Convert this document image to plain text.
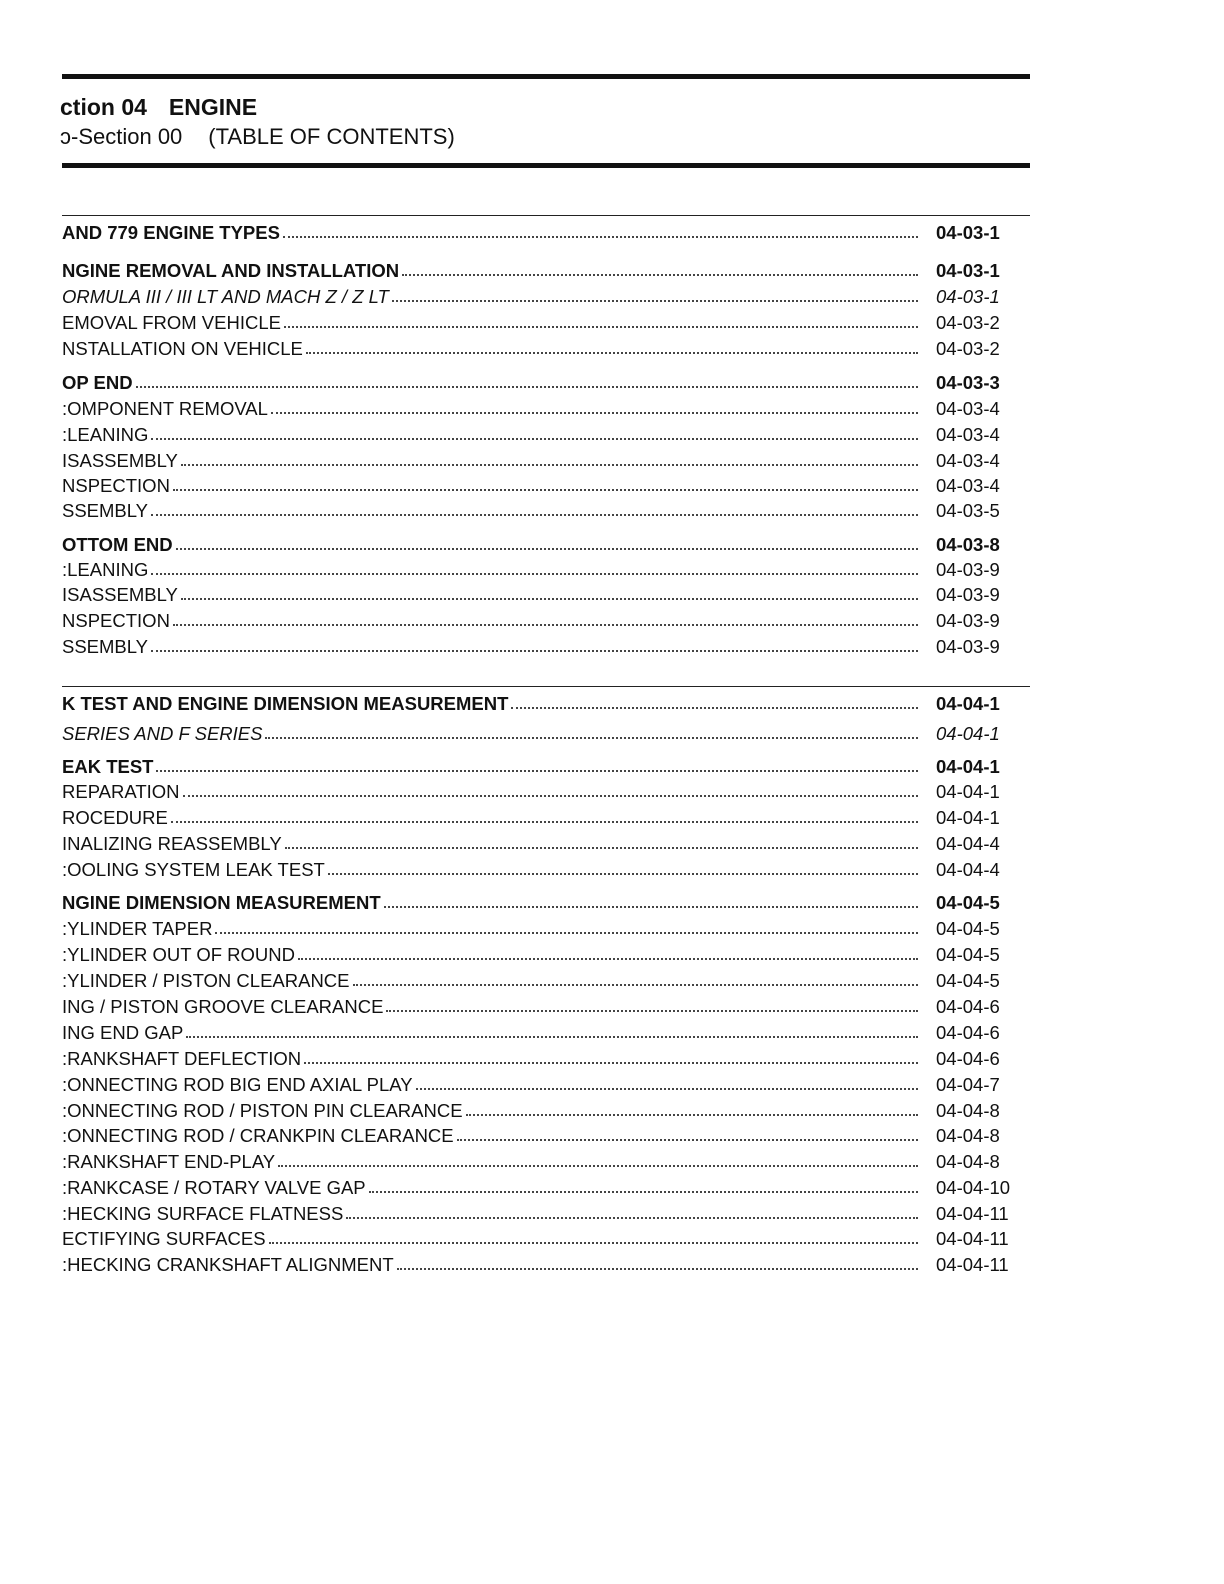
ction 04 ENGINE
ɔ-Section 00 (TABLE OF CONTENTS)
AND 779 ENGINE TYPES	04-03-1
NGINE REMOVAL AND INSTALLATION	04-03-1
ORMULA III / III LT AND MACH Z / Z LT	04-03-1
EMOVAL FROM VEHICLE	04-03-2
NSTALLATION ON VEHICLE	04-03-2
OP END	04-03-3
:OMPONENT REMOVAL	04-03-4
:LEANING	04-03-4
ISASSEMBLY	04-03-4
NSPECTION	04-03-4
SSEMBLY	04-03-5
OTTOM END	04-03-8
:LEANING	04-03-9
ISASSEMBLY	04-03-9
NSPECTION	04-03-9
SSEMBLY	04-03-9
K TEST AND ENGINE DIMENSION MEASUREMENT	04-04-1
SERIES AND F SERIES	04-04-1
EAK TEST	04-04-1
REPARATION	04-04-1
ROCEDURE	04-04-1
INALIZING REASSEMBLY	04-04-4
:OOLING SYSTEM LEAK TEST	04-04-4
NGINE DIMENSION MEASUREMENT	04-04-5
:YLINDER TAPER	04-04-5
:YLINDER OUT OF ROUND	04-04-5
:YLINDER / PISTON CLEARANCE	04-04-5
ING / PISTON GROOVE CLEARANCE	04-04-6
ING END GAP	04-04-6
:RANKSHAFT DEFLECTION	04-04-6
:ONNECTING ROD BIG END AXIAL PLAY	04-04-7
:ONNECTING ROD / PISTON PIN CLEARANCE	04-04-8
:ONNECTING ROD / CRANKPIN CLEARANCE	04-04-8
:RANKSHAFT END-PLAY	04-04-8
:RANKCASE / ROTARY VALVE GAP	04-04-10
:HECKING SURFACE FLATNESS	04-04-11
ECTIFYING SURFACES	04-04-11
:HECKING CRANKSHAFT ALIGNMENT	04-04-11
